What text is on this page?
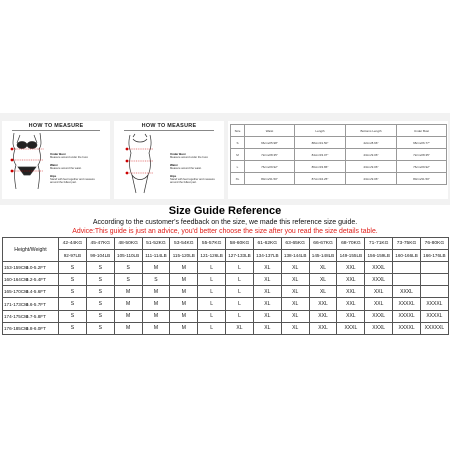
HOW TO MEASURE
Under Bust
Measure around under the bust.
Waist
Measure around the waist.
Hips
Stand with feet together and measure around the fullest part.
HOW TO MEASURE
Under Bust
Measure around under the bust.
Waist
Measure around the waist.
Hips
Stand with feet together and measure around the fullest part.
Size	Waist	Length	Bottoms Length	Under Bust
S	66cm/25.98"	88cm/31.50"	22cm/8.66"	68cm/26.77"
M	72cm/28.35"	84cm/33.07"	23cm/9.06"	72cm/28.35"
L	76cm/29.92"	86cm/33.86"	23cm/9.06"	76cm/29.92"
XL	80cm/31.50"	87cm/34.25"	23cm/9.06"	80cm/31.50"
Size Guide Reference
According to the customer's feedback on the size, we made this reference size guide.
Advice:This guide is just an advice, you'd better choose the size after you read the size details table.
Height/Weight	42-44KG	45-47KG	48-50KG	51-52KG	53-54KG	55-57KG	58-60KG	61-62KG	63-65KG	66-67KG	68-70KG	71-71KG	73-75KG	76-80KG
	92-97LB	99-104LB	105-110LB	111-114LB	115-120LB	121-126LB	127-133LB	134-137LB	138-144LB	145-148LB	149-155LB	156-159LB	160-166LB	166-176LB
153-159CM5.0-5.2FT	S	S	S	M	M	L	L	XL	XL	XL	XXL	XXXL		
160-164CM5.2-5.4FT	S	S	S	S	M	L	L	XL	XL	XL	XXL	XXXL		
165-170CM5.4-5.6FT	S	S	M	M	M	L	L	XL	XL	XL	XXL	XXL	XXXL	
171-173CM5.6-5.7FT	S	S	M	M	M	L	L	XL	XL	XXL	XXL	XXL	XXXXL	XXXXL
174-175CM5.7-5.8FT	S	S	M	M	M	L	L	XL	XL	XXL	XXL	XXXL	XXXXL	XXXXL
176-185CM5.8-6.0FT	S	S	M	M	M	L	XL	XL	XL	XXL	XXXL	XXXL	XXXXL	XXXXXL
